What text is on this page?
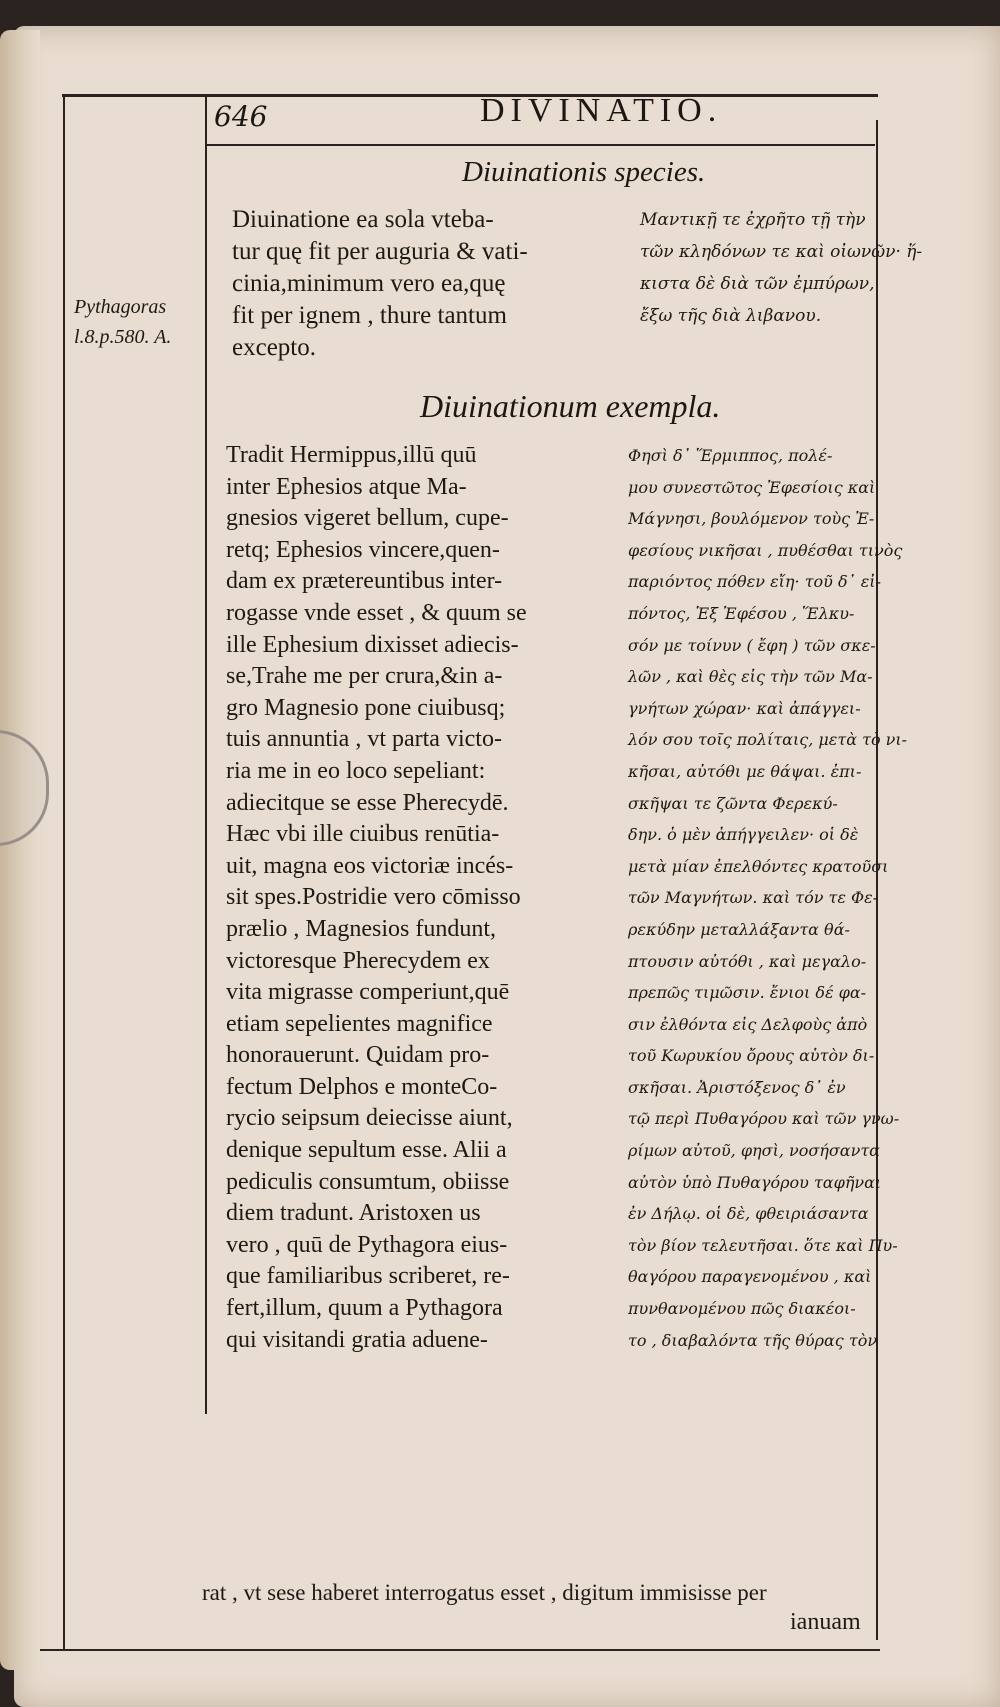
646	DIVINATIO.
Diuinationis species.
Diuinatione ea sola vteba-
tur quę fit per auguria & vati-
cinia,minimum vero ea,quę
fit per ignem , thure tantum
excepto.
Μαντικῇ τε ἐχρῆτο τῇ τὴν
τῶν κληδόνων τε καὶ οἰωνῶν· ἥ-
κιστα δὲ διὰ τῶν ἐμπύρων,
ἔξω τῆς διὰ λιβανου.
Pythagoras
l.8.p.580. A.
Diuinationum exempla.
Tradit Hermippus,illū quū
inter Ephesios atque Ma-
gnesios vigeret bellum, cupe-
retq; Ephesios vincere,quen-
dam ex prætereuntibus inter-
rogasse vnde esset , & quum se
ille Ephesium dixisset adiecis-
se,Trahe me per crura,&in a-
gro Magnesio pone ciuibusq;
tuis annuntia , vt parta victo-
ria me in eo loco sepeliant:
adiecitque se esse Pherecydē.
Hæc vbi ille ciuibus renūtia-
uit, magna eos victoriæ incés-
sit spes.Postridie vero cōmisso
prælio , Magnesios fundunt,
victoresque Pherecydem ex
vita migrasse comperiunt,quē
etiam sepelientes magnifice
honorauerunt. Quidam pro-
fectum Delphos e monteCo-
rycio seipsum deiecisse aiunt,
denique sepultum esse. Alii a
pediculis consumtum, obiisse
diem tradunt. Aristoxen us
vero , quū de Pythagora eius-
que familiaribus scriberet, re-
fert,illum, quum a Pythagora
qui visitandi gratia aduene-
Φησὶ δ᾽ Ἕρμιππος, πολέ-
μου συνεστῶτος Ἐφεσίοις καὶ
Μάγνησι, βουλόμενον τοὺς Ἐ-
φεσίους νικῆσαι , πυθέσθαι τινὸς
παριόντος πόθεν εἴη· τοῦ δ᾽ εἰ-
πόντος, Ἐξ Ἐφέσου , Ἕλκυ-
σόν με τοίνυν ( ἔφη ) τῶν σκε-
λῶν , καὶ θὲς εἰς τὴν τῶν Μα-
γνήτων χώραν· καὶ ἀπάγγει-
λόν σου τοῖς πολίταις, μετὰ τὸ νι-
κῆσαι, αὐτόθι με θάψαι. ἐπι-
σκῆψαι τε ζῶντα Φερεκύ-
δην. ὁ μὲν ἀπήγγειλεν· οἱ δὲ
μετὰ μίαν ἐπελθόντες κρατοῦσι
τῶν Μαγνήτων. καὶ τόν τε Φε-
ρεκύδην μεταλλάξαντα θά-
πτουσιν αὐτόθι , καὶ μεγαλο-
πρεπῶς τιμῶσιν. ἔνιοι δέ φα-
σιν ἐλθόντα εἰς Δελφοὺς ἀπὸ
τοῦ Κωρυκίου ὄρους αὑτὸν δι-
σκῆσαι. Ἀριστόξενος δ᾽ ἐν
τῷ περὶ Πυθαγόρου καὶ τῶν γνω-
ρίμων αὐτοῦ, φησὶ, νοσήσαντα
αὐτὸν ὑπὸ Πυθαγόρου ταφῆναι
ἐν Δήλῳ. οἱ δὲ, φθειριάσαντα
τὸν βίον τελευτῆσαι. ὅτε καὶ Πυ-
θαγόρου παραγενομένου , καὶ
πυνθανομένου πῶς διακέοι-
το , διαβαλόντα τῆς θύρας τὸν
rat , vt sese haberet interrogatus esset , digitum immisisse per
ianuam
